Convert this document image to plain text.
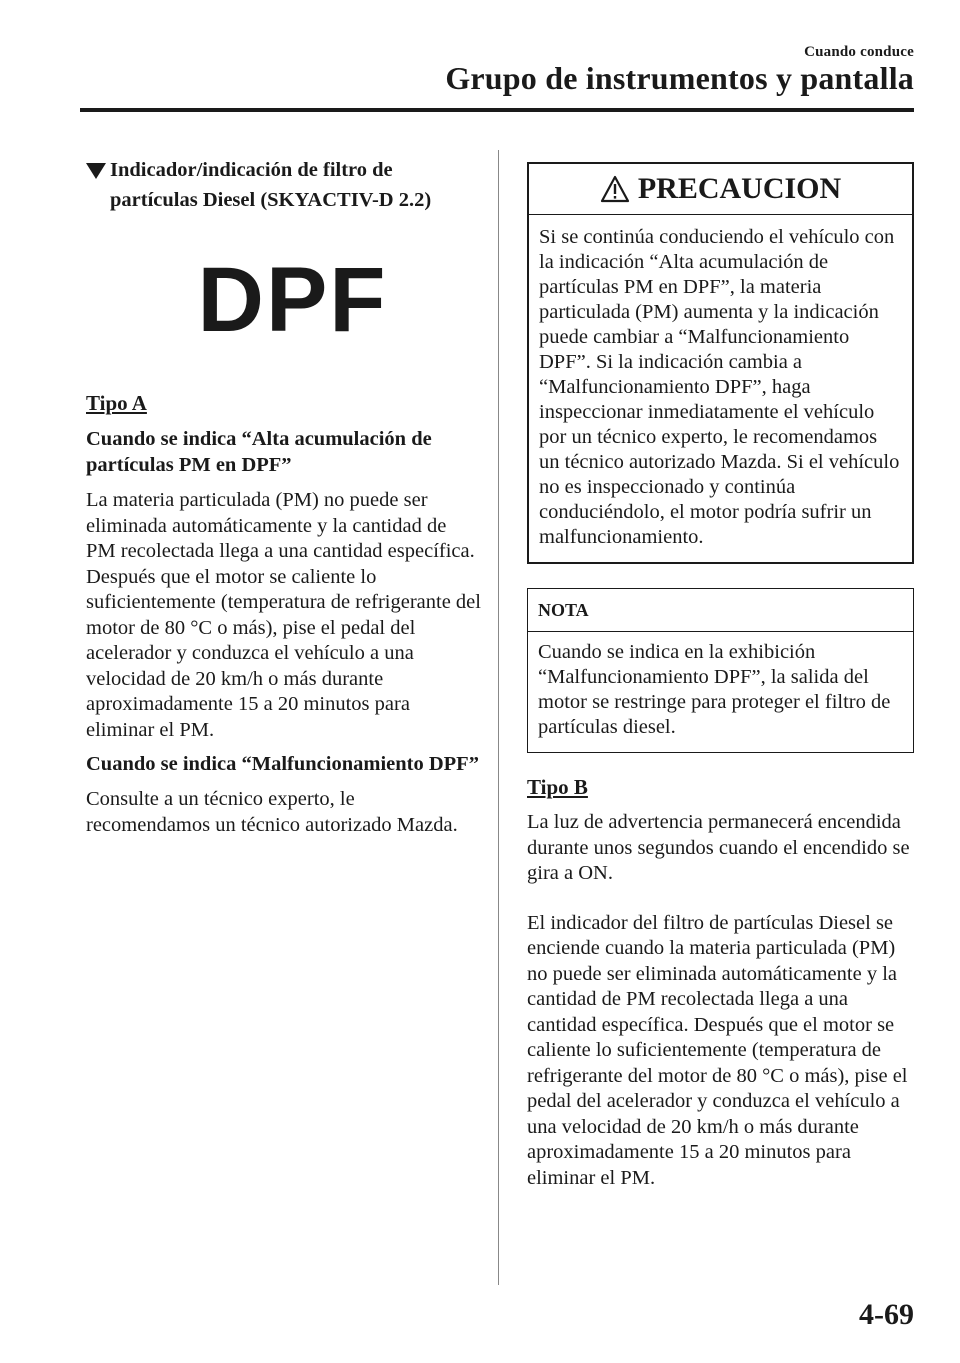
Cuando conduce
Grupo de instrumentos y pantalla
Indicador/indicación de filtro de partículas Diesel (SKYACTIV-D 2.2)
DPF
Tipo A

Cuando se indica “Alta acumulación de partículas PM en DPF”

La materia particulada (PM) no puede ser eliminada automáticamente y la cantidad de PM recolectada llega a una cantidad específica.

Después que el motor se caliente lo suficientemente (temperatura de refrigerante del motor de 80 °C o más), pise el pedal del acelerador y conduzca el vehículo a una velocidad de 20 km/h o más durante aproximadamente 15 a 20 minutos para eliminar el PM.

Cuando se indica “Malfuncionamiento DPF”

Consulte a un técnico experto, le recomendamos un técnico autorizado Mazda.

PRECAUCION
Si se continúa conduciendo el vehículo con la indicación “Alta acumulación de partículas PM en DPF”, la materia particulada (PM) aumenta y la indicación puede cambiar a “Malfuncionamiento DPF”. Si la indicación cambia a “Malfuncionamiento DPF”, haga inspeccionar inmediatamente el vehículo por un técnico experto, le recomendamos un técnico autorizado Mazda. Si el vehículo no es inspeccionado y continúa conduciéndolo, el motor podría sufrir un malfuncionamiento.
NOTA
Cuando se indica en la exhibición “Malfuncionamiento DPF”, la salida del motor se restringe para proteger el filtro de partículas diesel.
Tipo B

La luz de advertencia permanecerá encendida durante unos segundos cuando el encendido se gira a ON.

El indicador del filtro de partículas Diesel se enciende cuando la materia particulada (PM) no puede ser eliminada automáticamente y la cantidad de PM recolectada llega a una cantidad específica. Después que el motor se caliente lo suficientemente (temperatura de refrigerante del motor de 80 °C o más), pise el pedal del acelerador y conduzca el vehículo a una velocidad de 20 km/h o más durante aproximadamente 15 a 20 minutos para eliminar el PM.

4-69
